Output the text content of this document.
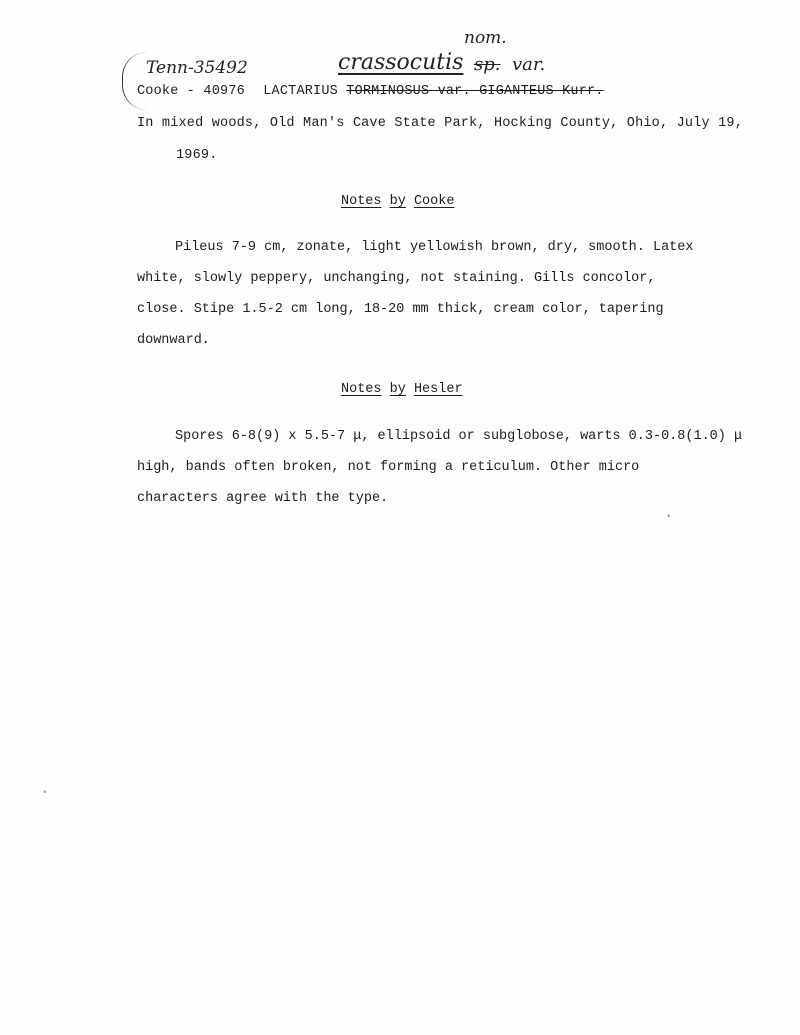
Tenn-35492
nom.
crassocutis sp. var.
Cooke - 40976 LACTARIUS TORMINOSUS var. GIGANTEUS Kurr.
In mixed woods, Old Man's Cave State Park, Hocking County, Ohio, July 19,
1969.
Notes by Cooke
Pileus 7-9 cm, zonate, light yellowish brown, dry, smooth. Latex
white, slowly peppery, unchanging, not staining. Gills concolor,
close. Stipe 1.5-2 cm long, 18-20 mm thick, cream color, tapering
downward.
Notes by Hesler
Spores 6-8(9) x 5.5-7 μ, ellipsoid or subglobose, warts 0.3-0.8(1.0) μ
high, bands often broken, not forming a reticulum. Other micro
characters agree with the type.
•
•
